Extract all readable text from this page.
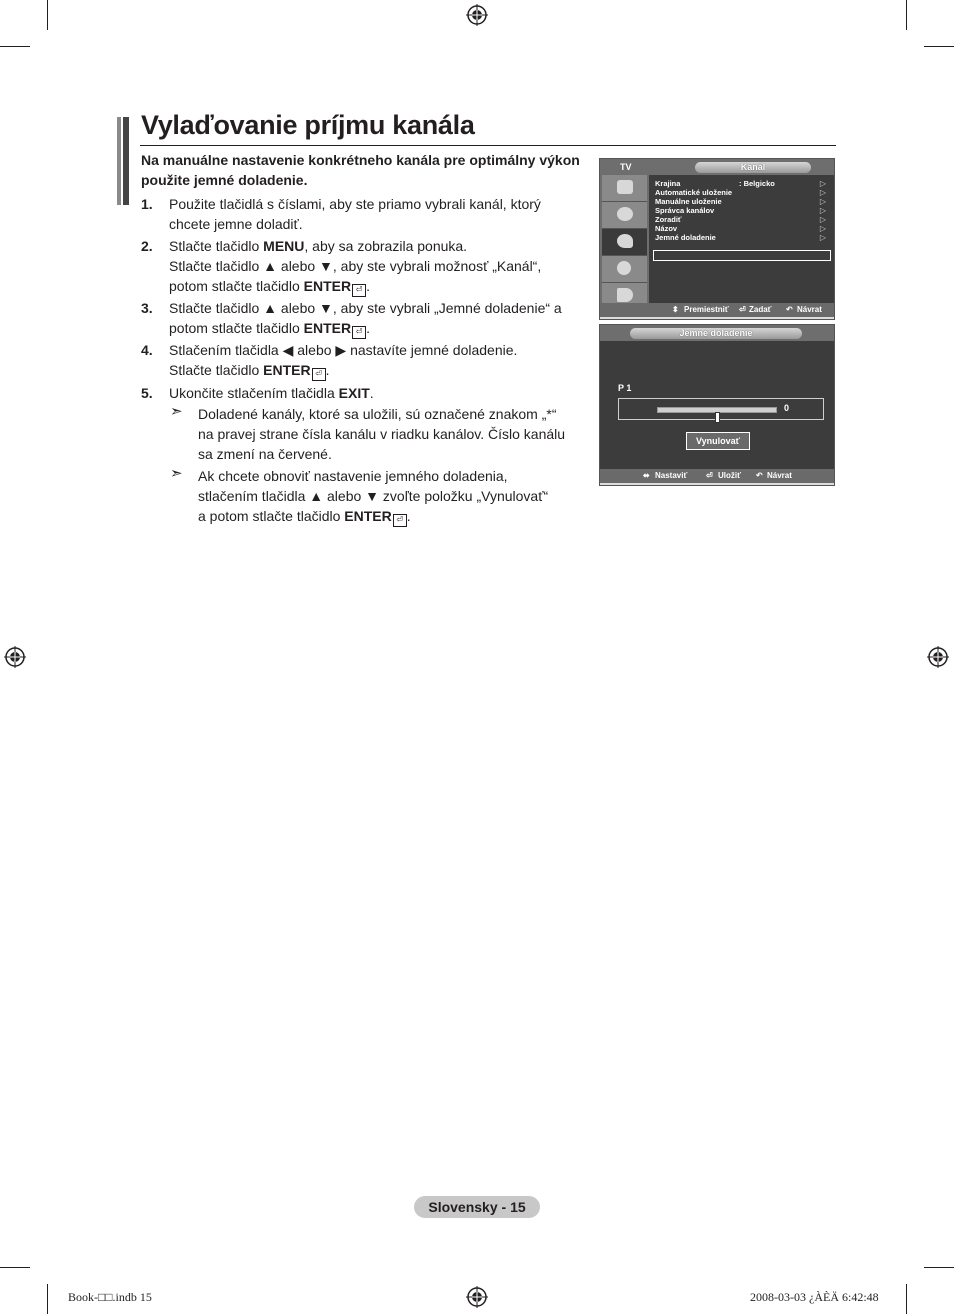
Vylaďovanie príjmu kanála
Na manuálne nastavenie konkrétneho kanála pre optimálny výkon použite jemné doladenie.
1. Použite tlačidlá s číslami, aby ste priamo vybrali kanál, ktorý
chcete jemne doladiť.
2. Stlačte tlačidlo MENU, aby sa zobrazila ponuka.
Stlačte tlačidlo ▲ alebo ▼, aby ste vybrali možnosť „Kanál“,
potom stlačte tlačidlo ENTER ⏎ .
3. Stlačte tlačidlo ▲ alebo ▼, aby ste vybrali „Jemné doladenie“ a
potom stlačte tlačidlo ENTER ⏎ .
4. Stlačením tlačidla ◀ alebo ▶ nastavíte jemné doladenie.
Stlačte tlačidlo ENTER ⏎ .
5. Ukončite stlačením tlačidla EXIT.
➣ Doladené kanály, ktoré sa uložili, sú označené znakom „*“
na pravej strane čísla kanálu v riadku kanálov. Číslo kanálu
sa zmení na červené.
➣ Ak chcete obnoviť nastavenie jemného doladenia,
stlačením tlačidla ▲ alebo ▼ zvoľte položku „Vynulovať“
a potom stlačte tlačidlo ENTER ⏎ .
TV	Kanál
Krajina	: Belgicko	▷
Automatické uloženie	▷
Manuálne uloženie	▷
Správca kanálov	▷
Zoradiť	▷
Názov	▷
Jemné doladenie	▷
⬍ Premiestniť ⏎ Zadať ↶ Návrat
Jemné doladenie
P 1
0
Vynulovať
⬌ Nastaviť ⏎ Uložiť ↶ Návrat
Slovensky - 15
Book-□□.indb 15	2008-03-03 ¿ÀÈÄ 6:42:48
